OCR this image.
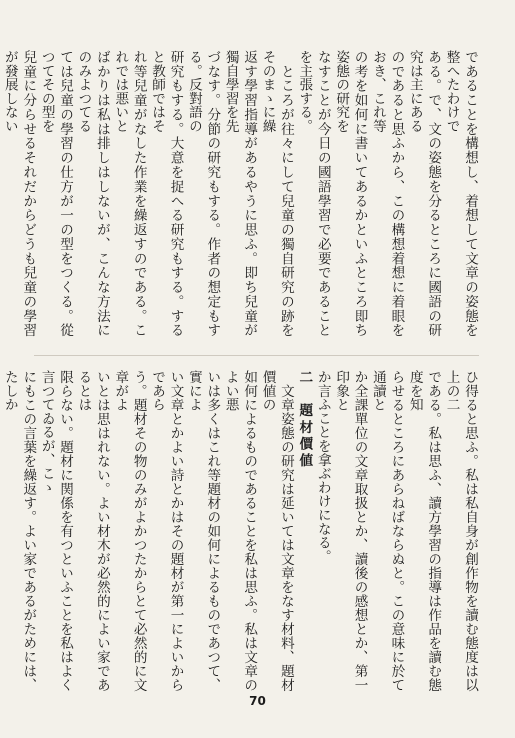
であることを構想し、着想して文章の姿態を整へたわけで
ある。で、文の姿態を分るところに國語の研究は主にある
のであると思ふから、この構想着想に着眼をおき、これ等
の考を如何に書いてあるかといふところ即ち姿態の研究を
なすことが今日の國語學習で必要であることを主張する。
　ところが往々にして兒童の獨自研究の跡をそのまゝに繰
返す學習指導があるやうに思ふ。即ち兒童が獨自學習を先
づなす。分節の研究もする。作者の想定もする。反對語の
研究もする。大意を捉へる研究もする。すると教師ではそ
れ等兒童がなした作業を繰返すのである。これでは悪いと
ばかりは私は排しはしないが、こんな方法にのみよつてる
ては兒童の學習の仕方が一の型をつくる。從つてその型を
兒童に分らせるそれだからどうも兒童の學習が發展しない

ひ得ると思ふ。私は私自身が創作物を讀む態度は以上の二
である。私は思ふ、讀方學習の指導は作品を讀む態度を知
らせるところにあらねばならぬと。この意味に於て通讀と
か全課單位の文章取扱とか、讀後の感想とか、第一印象と
か言ふことを拿ぶわけになる。
二　題材價値
　文章姿態の研究は延いては文章をなす材料、題材價値の
如何によるものであることを私は思ふ。私は文章のよい悪
いは多くはこれ等題材の如何によるものであつて、實によ
い文章とかよい詩とかはその題材が第一によいからであら
う。題材その物のみがよかつたからとて必然的に文章がよ
いとは思はれない。よい材木が必然的によい家であるとは
限らない。題材に関係を有つといふことを私はよく言つてゐるが、こゝ
にもこの言葉を繰返す。よい家であるがためには、たしか

70
